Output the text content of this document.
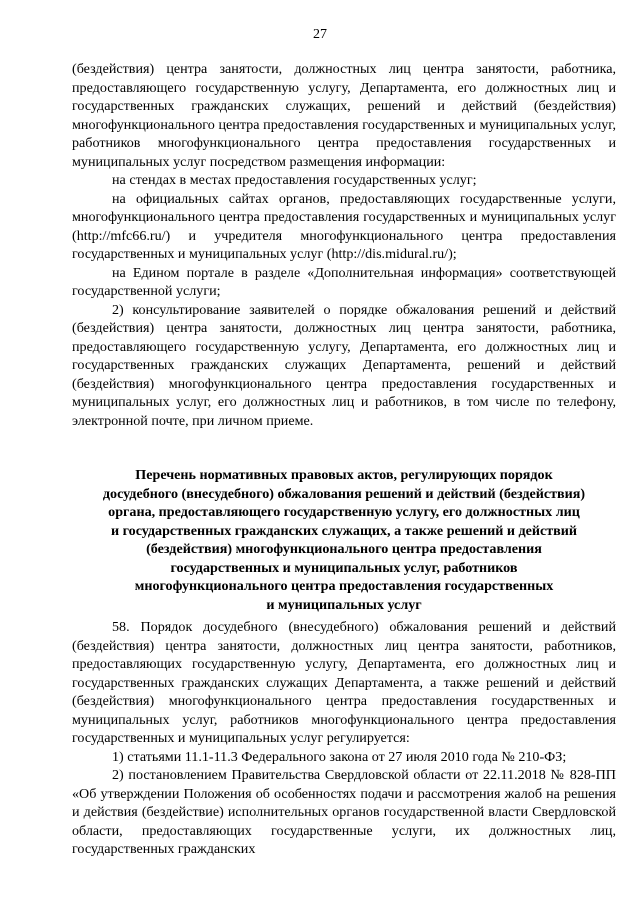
27

(бездействия) центра занятости, должностных лиц центра занятости, работника, предоставляющего государственную услугу, Департамента, его должностных лиц и государственных гражданских служащих, решений и действий (бездействия) многофункционального центра предоставления государственных и муниципальных услуг, работников многофункционального центра предоставления государственных и муниципальных услуг посредством размещения информации:

на стендах в местах предоставления государственных услуг;

на официальных сайтах органов, предоставляющих государственные услуги, многофункционального центра предоставления государственных и муниципальных услуг (http://mfc66.ru/) и учредителя многофункционального центра предоставления государственных и муниципальных услуг (http://dis.midural.ru/);

на Едином портале в разделе «Дополнительная информация» соответствующей государственной услуги;

2) консультирование заявителей о порядке обжалования решений и действий (бездействия) центра занятости, должностных лиц центра занятости, работника, предоставляющего государственную услугу, Департамента, его должностных лиц и государственных гражданских служащих Департамента, решений и действий (бездействия) многофункционального центра предоставления государственных и муниципальных услуг, его должностных лиц и работников, в том числе по телефону, электронной почте, при личном приеме.

Перечень нормативных правовых актов, регулирующих порядок
досудебного (внесудебного) обжалования решений и действий (бездействия)
органа, предоставляющего государственную услугу, его должностных лиц
и государственных гражданских служащих, а также решений и действий
(бездействия) многофункционального центра предоставления
государственных и муниципальных услуг, работников
многофункционального центра предоставления государственных
и муниципальных услуг

58. Порядок досудебного (внесудебного) обжалования решений и действий (бездействия) центра занятости, должностных лиц центра занятости, работников, предоставляющих государственную услугу, Департамента, его должностных лиц и государственных гражданских служащих Департамента, а также решений и действий (бездействия) многофункционального центра предоставления государственных и муниципальных услуг, работников многофункционального центра предоставления государственных и муниципальных услуг регулируется:

1) статьями 11.1-11.3 Федерального закона от 27 июля 2010 года № 210-ФЗ;

2) постановлением Правительства Свердловской области от 22.11.2018 № 828-ПП «Об утверждении Положения об особенностях подачи и рассмотрения жалоб на решения и действия (бездействие) исполнительных органов государственной власти Свердловской области, предоставляющих государственные услуги, их должностных лиц, государственных гражданских
